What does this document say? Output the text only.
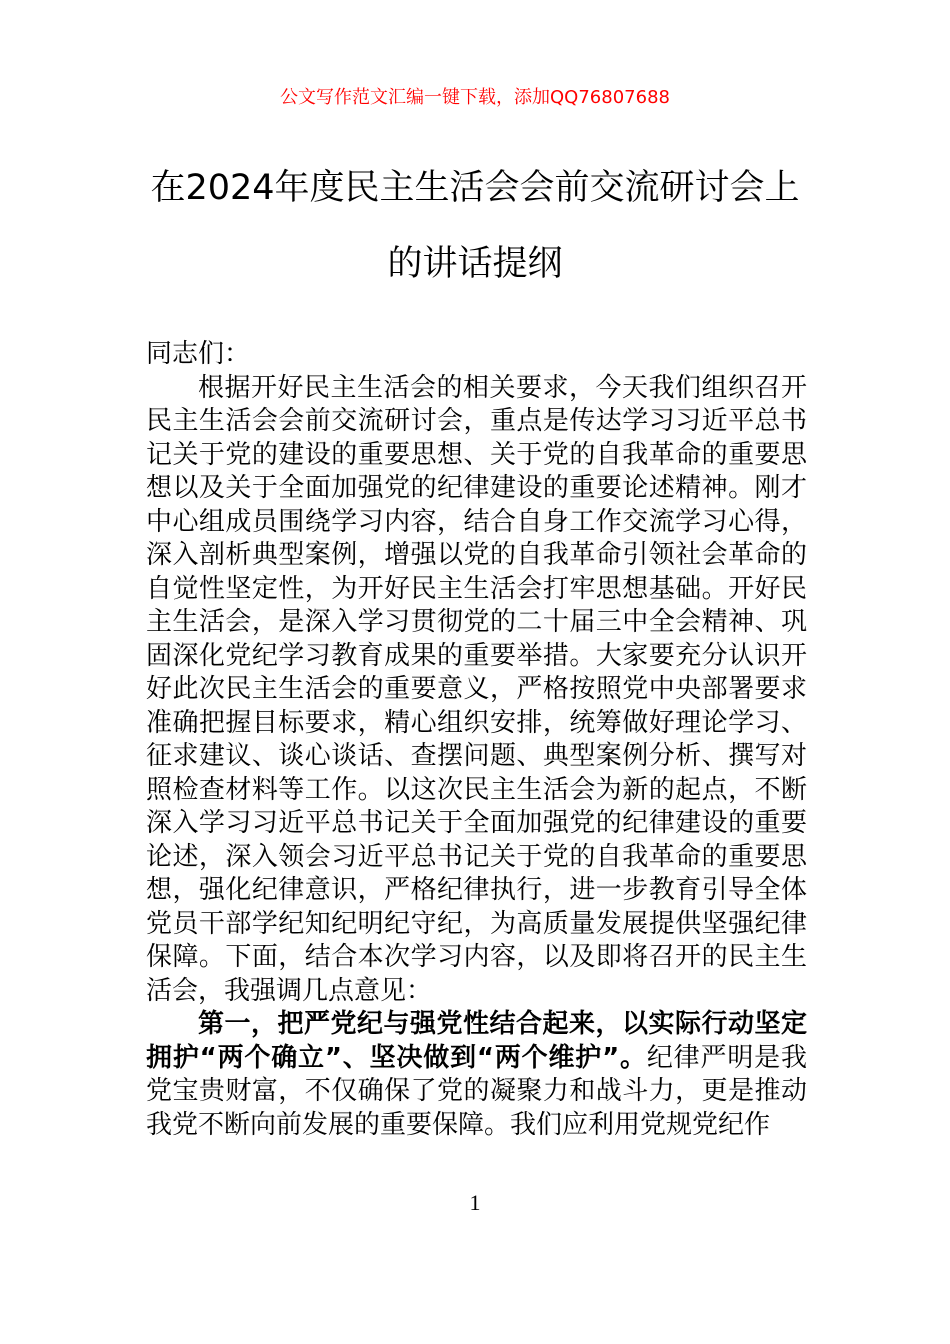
公文写作范文汇编一键下载，添加QQ76807688
在2024年度民主生活会会前交流研讨会上
的讲话提纲

同志们：

根据开好民主生活会的相关要求，今天我们组织召开民主生活会会前交流研讨会，重点是传达学习习近平总书记关于党的建设的重要思想、关于党的自我革命的重要思想以及关于全面加强党的纪律建设的重要论述精神。刚才中心组成员围绕学习内容，结合自身工作交流学习心得，深入剖析典型案例，增强以党的自我革命引领社会革命的自觉性坚定性，为开好民主生活会打牢思想基础。开好民主生活会，是深入学习贯彻党的二十届三中全会精神、巩固深化党纪学习教育成果的重要举措。大家要充分认识开好此次民主生活会的重要意义，严格按照党中央部署要求准确把握目标要求，精心组织安排，统筹做好理论学习、征求建议、谈心谈话、查摆问题、典型案例分析、撰写对照检查材料等工作。以这次民主生活会为新的起点，不断深入学习习近平总书记关于全面加强党的纪律建设的重要论述，深入领会习近平总书记关于党的自我革命的重要思想，强化纪律意识，严格纪律执行，进一步教育引导全体党员干部学纪知纪明纪守纪，为高质量发展提供坚强纪律保障。下面，结合本次学习内容，以及即将召开的民主生活会，我强调几点意见：

第一，把严党纪与强党性结合起来，以实际行动坚定拥护“两个确立”、坚决做到“两个维护”。纪律严明是我党宝贵财富，不仅确保了党的凝聚力和战斗力，更是推动我党不断向前发展的重要保障。我们应利用党规党纪作

1
